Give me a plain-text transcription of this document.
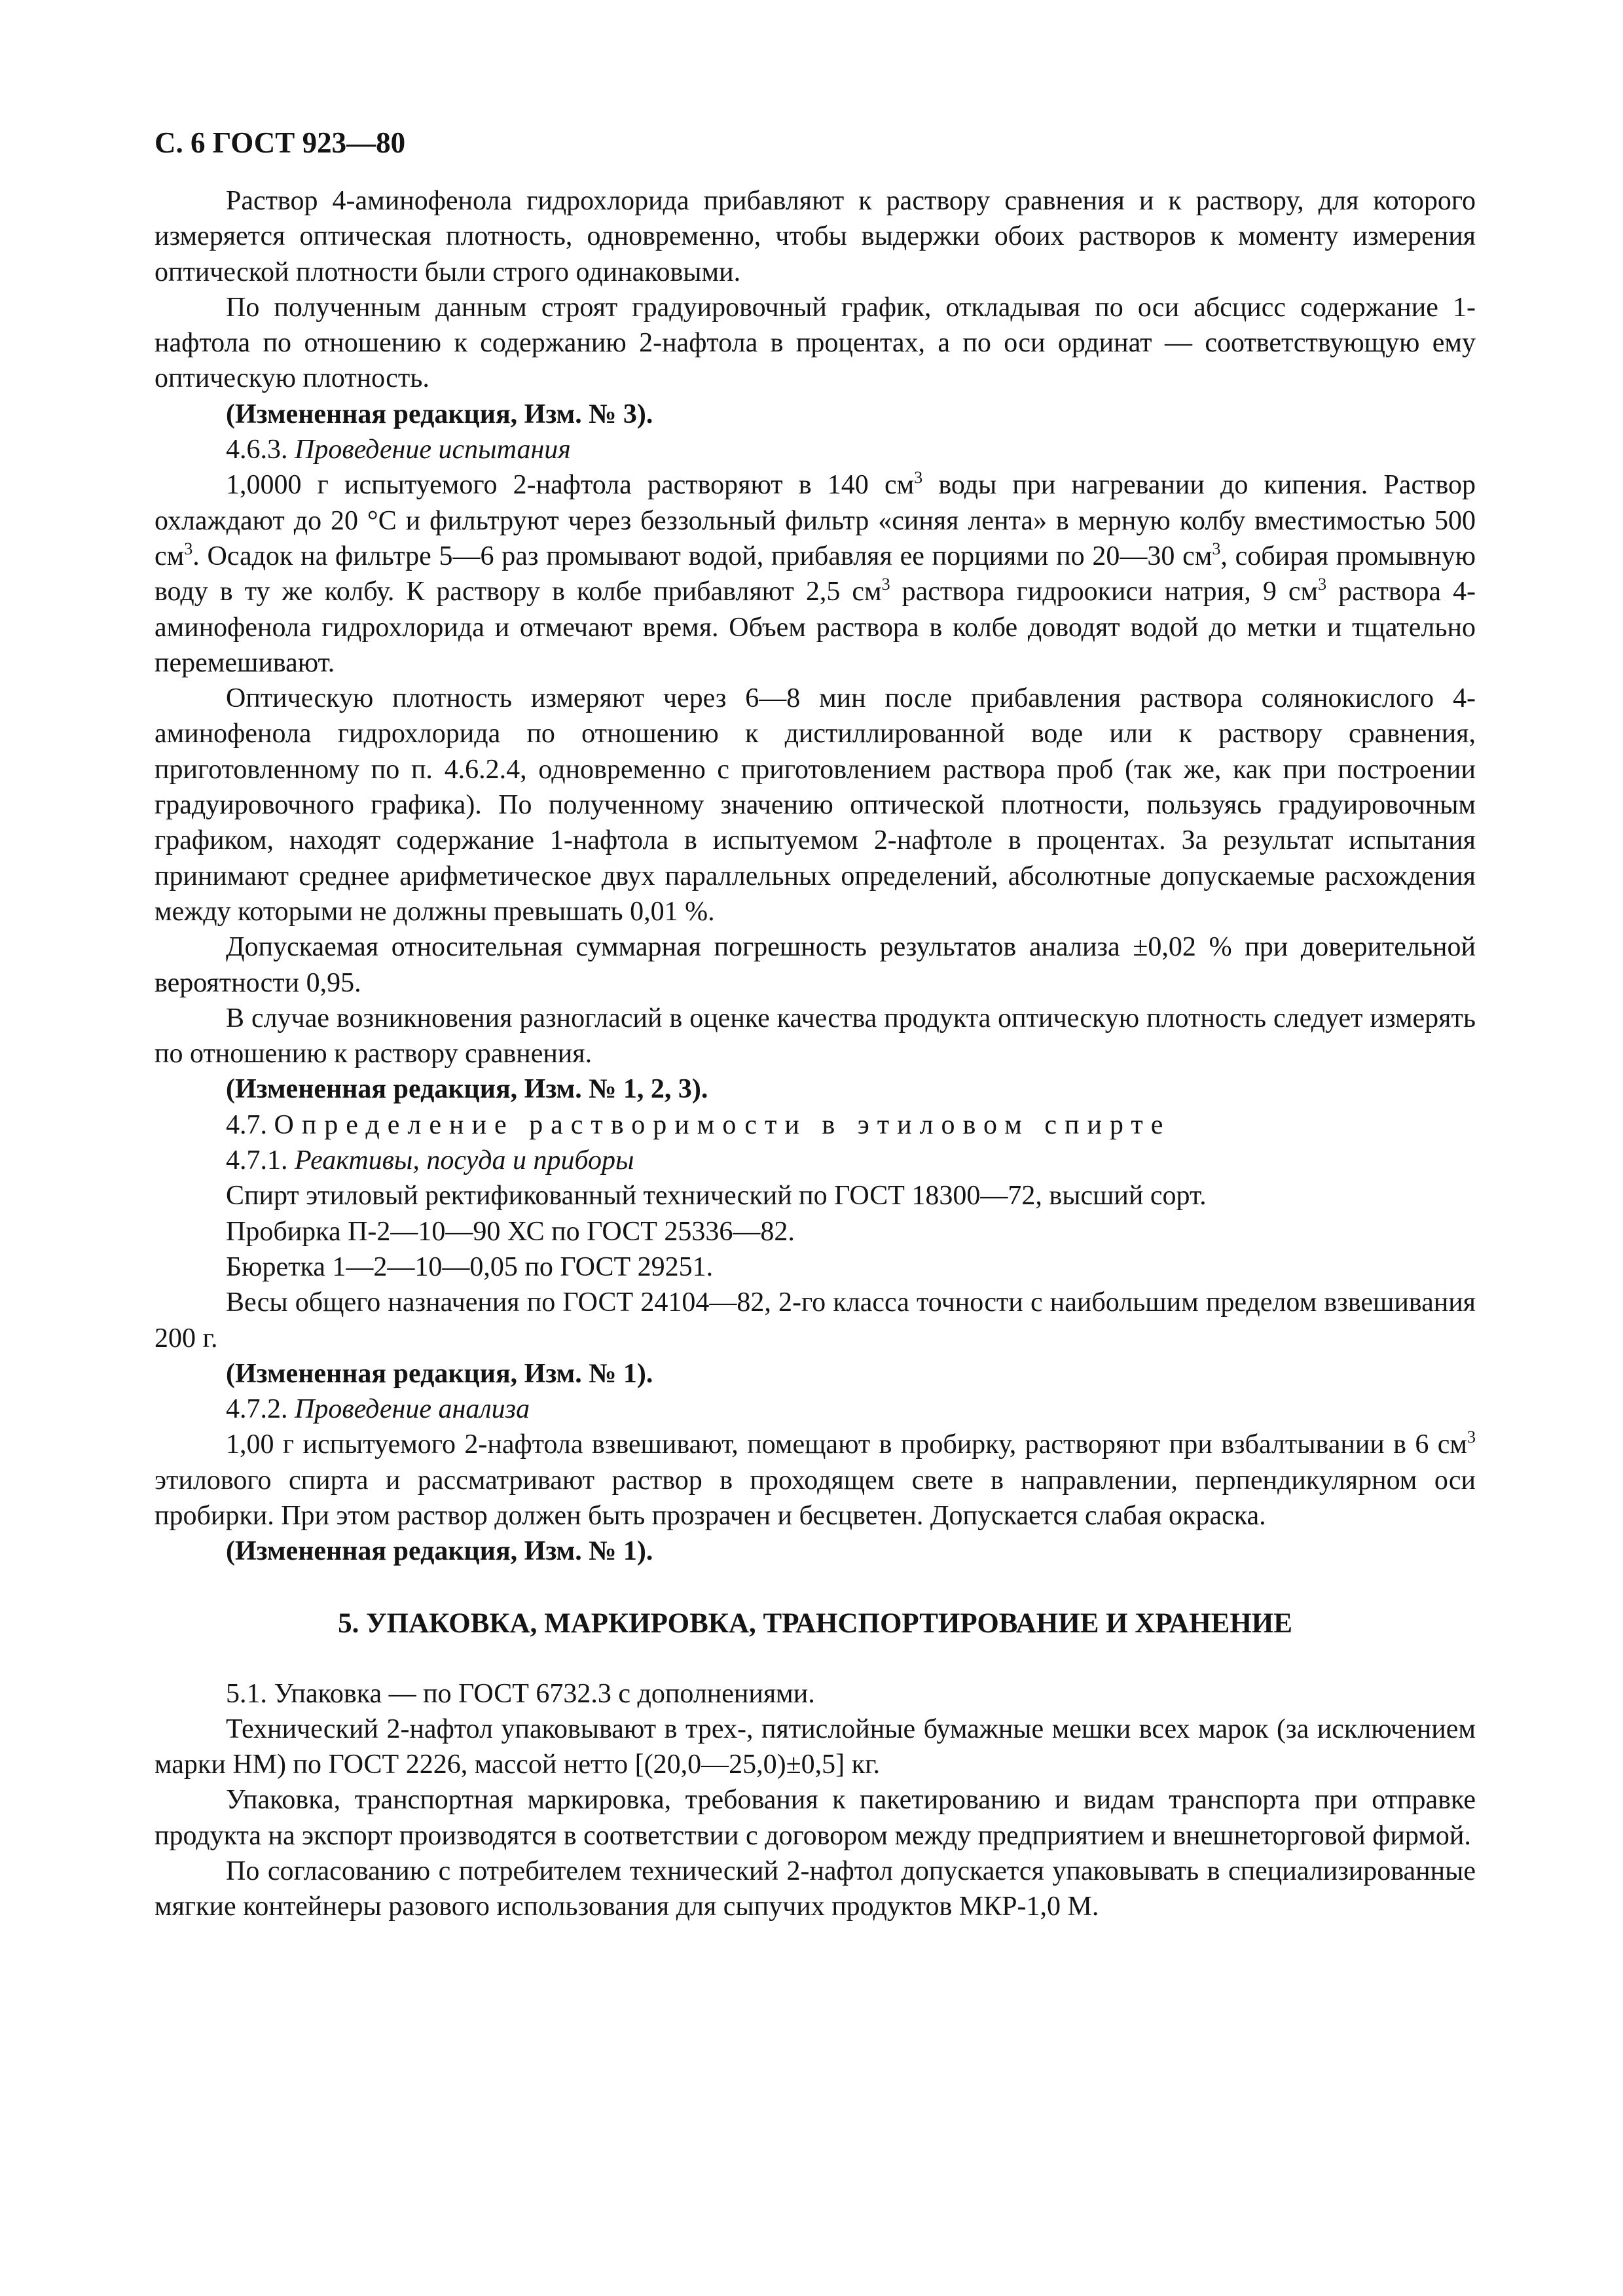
С. 6 ГОСТ 923—80

Раствор 4-аминофенола гидрохлорида прибавляют к раствору сравнения и к раствору, для которого измеряется оптическая плотность, одновременно, чтобы выдержки обоих растворов к моменту измерения оптической плотности были строго одинаковыми.

По полученным данным строят градуировочный график, откладывая по оси абсцисс содержание 1-нафтола по отношению к содержанию 2-нафтола в процентах, а по оси ординат — соответствующую ему оптическую плотность.

(Измененная редакция, Изм. № 3).

4.6.3. Проведение испытания

1,0000 г испытуемого 2-нафтола растворяют в 140 $см^3$ воды при нагревании до кипения. Раствор охлаждают до 20 °С и фильтруют через беззольный фильтр «синяя лента» в мерную колбу вместимостью 500 $см^3$. Осадок на фильтре 5—6 раз промывают водой, прибавляя ее порциями по 20—30 $см^3$, собирая промывную воду в ту же колбу. К раствору в колбе прибавляют 2,5 $см^3$ раствора гидроокиси натрия, 9 $см^3$ раствора 4-аминофенола гидрохлорида и отмечают время. Объем раствора в колбе доводят водой до метки и тщательно перемешивают.

Оптическую плотность измеряют через 6—8 мин после прибавления раствора солянокислого 4-аминофенола гидрохлорида по отношению к дистиллированной воде или к раствору сравнения, приготовленному по п. 4.6.2.4, одновременно с приготовлением раствора проб (так же, как при построении градуировочного графика). По полученному значению оптической плотности, пользуясь градуировочным графиком, находят содержание 1-нафтола в испытуемом 2-нафтоле в процентах. За результат испытания принимают среднее арифметическое двух параллельных определений, абсолютные допускаемые расхождения между которыми не должны превышать 0,01 %.

Допускаемая относительная суммарная погрешность результатов анализа ±0,02 % при доверительной вероятности 0,95.

В случае возникновения разногласий в оценке качества продукта оптическую плотность следует измерять по отношению к раствору сравнения.

(Измененная редакция, Изм. № 1, 2, 3).

4.7. Определение растворимости в этиловом спирте

4.7.1. Реактивы, посуда и приборы

Спирт этиловый ректификованный технический по ГОСТ 18300—72, высший сорт.

Пробирка П-2—10—90 ХС по ГОСТ 25336—82.

Бюретка 1—2—10—0,05 по ГОСТ 29251.

Весы общего назначения по ГОСТ 24104—82, 2-го класса точности с наибольшим пределом взвешивания 200 г.

(Измененная редакция, Изм. № 1).

4.7.2. Проведение анализа

1,00 г испытуемого 2-нафтола взвешивают, помещают в пробирку, растворяют при взбалтывании в 6 $см^3$ этилового спирта и рассматривают раствор в проходящем свете в направлении, перпендикулярном оси пробирки. При этом раствор должен быть прозрачен и бесцветен. Допускается слабая окраска.

(Измененная редакция, Изм. № 1).

5. УПАКОВКА, МАРКИРОВКА, ТРАНСПОРТИРОВАНИЕ И ХРАНЕНИЕ

5.1. Упаковка — по ГОСТ 6732.3 с дополнениями.

Технический 2-нафтол упаковывают в трех-, пятислойные бумажные мешки всех марок (за исключением марки НМ) по ГОСТ 2226, массой нетто [(20,0—25,0)±0,5] кг.

Упаковка, транспортная маркировка, требования к пакетированию и видам транспорта при отправке продукта на экспорт производятся в соответствии с договором между предприятием и внешнеторговой фирмой.

По согласованию с потребителем технический 2-нафтол допускается упаковывать в специализированные мягкие контейнеры разового использования для сыпучих продуктов МКР-1,0 М.
